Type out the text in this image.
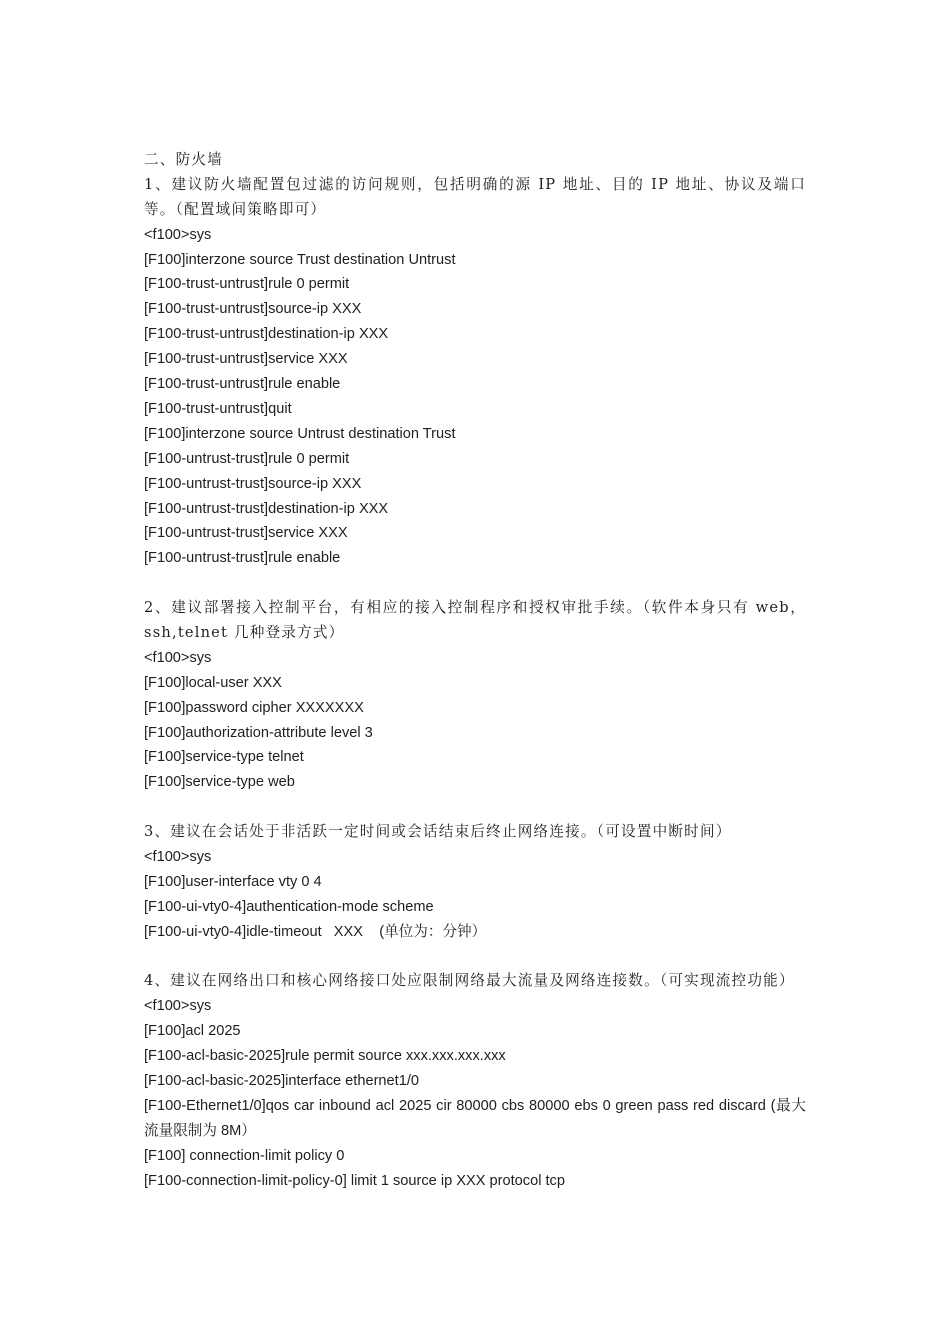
二、防火墙
1、建议防火墙配置包过滤的访问规则，包括明确的源 IP 地址、目的 IP 地址、协议及端口等。（配置域间策略即可）
<f100>sys
[F100]interzone source Trust destination Untrust
[F100-trust-untrust]rule 0 permit
[F100-trust-untrust]source-ip XXX
[F100-trust-untrust]destination-ip XXX
[F100-trust-untrust]service XXX
[F100-trust-untrust]rule enable
[F100-trust-untrust]quit
[F100]interzone source Untrust destination Trust
[F100-untrust-trust]rule 0 permit
[F100-untrust-trust]source-ip XXX
[F100-untrust-trust]destination-ip XXX
[F100-untrust-trust]service XXX
[F100-untrust-trust]rule enable
2、建议部署接入控制平台，有相应的接入控制程序和授权审批手续。（软件本身只有 web，ssh,telnet 几种登录方式）
<f100>sys
[F100]local-user XXX
[F100]password cipher XXXXXXX
[F100]authorization-attribute level 3
[F100]service-type telnet
[F100]service-type web
3、建议在会话处于非活跃一定时间或会话结束后终止网络连接。（可设置中断时间）
<f100>sys
[F100]user-interface vty 0 4
[F100-ui-vty0-4]authentication-mode scheme
[F100-ui-vty0-4]idle-timeout   XXX    (单位为：分钟）
4、建议在网络出口和核心网络接口处应限制网络最大流量及网络连接数。（可实现流控功能）
<f100>sys
[F100]acl 2025
[F100-acl-basic-2025]rule permit source xxx.xxx.xxx.xxx
[F100-acl-basic-2025]interface ethernet1/0
[F100-Ethernet1/0]qos car inbound acl 2025 cir 80000 cbs 80000 ebs 0 green pass red discard (最大流量限制为 8M）
[F100] connection-limit policy 0
[F100-connection-limit-policy-0] limit 1 source ip XXX protocol tcp
